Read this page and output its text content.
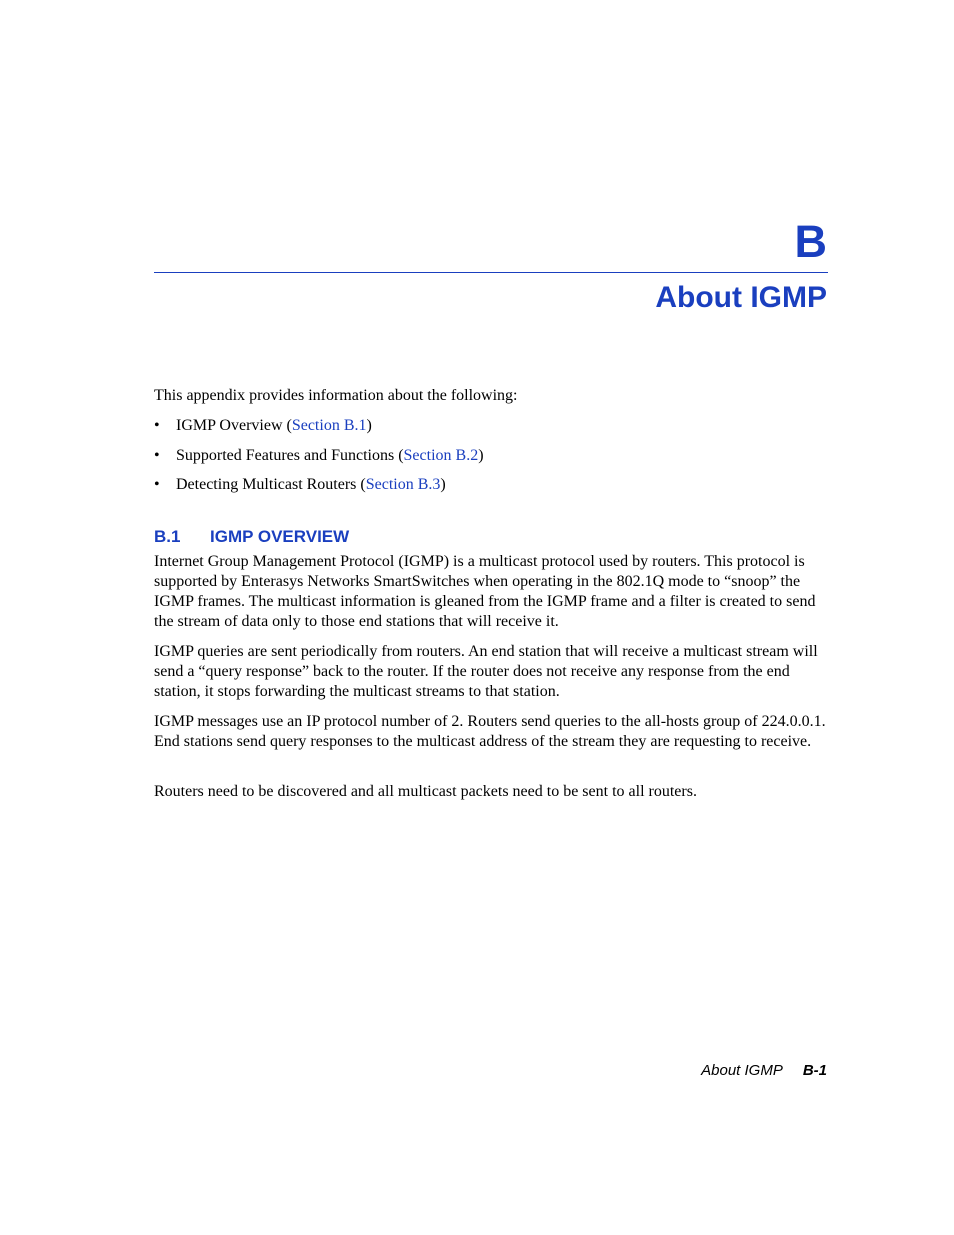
B
About IGMP

This appendix provides information about the following:

• IGMP Overview (Section B.1)
• Supported Features and Functions (Section B.2)
• Detecting Multicast Routers (Section B.3)
B.1 IGMP OVERVIEW

Internet Group Management Protocol (IGMP) is a multicast protocol used by routers. This protocol is supported by Enterasys Networks SmartSwitches when operating in the 802.1Q mode to “snoop” the IGMP frames. The multicast information is gleaned from the IGMP frame and a filter is created to send the stream of data only to those end stations that will receive it.

IGMP queries are sent periodically from routers. An end station that will receive a multicast stream will send a “query response” back to the router. If the router does not receive any response from the end station, it stops forwarding the multicast streams to that station.

IGMP messages use an IP protocol number of 2. Routers send queries to the all-hosts group of 224.0.0.1. End stations send query responses to the multicast address of the stream they are requesting to receive.

Routers need to be discovered and all multicast packets need to be sent to all routers.

About IGMP B-1
